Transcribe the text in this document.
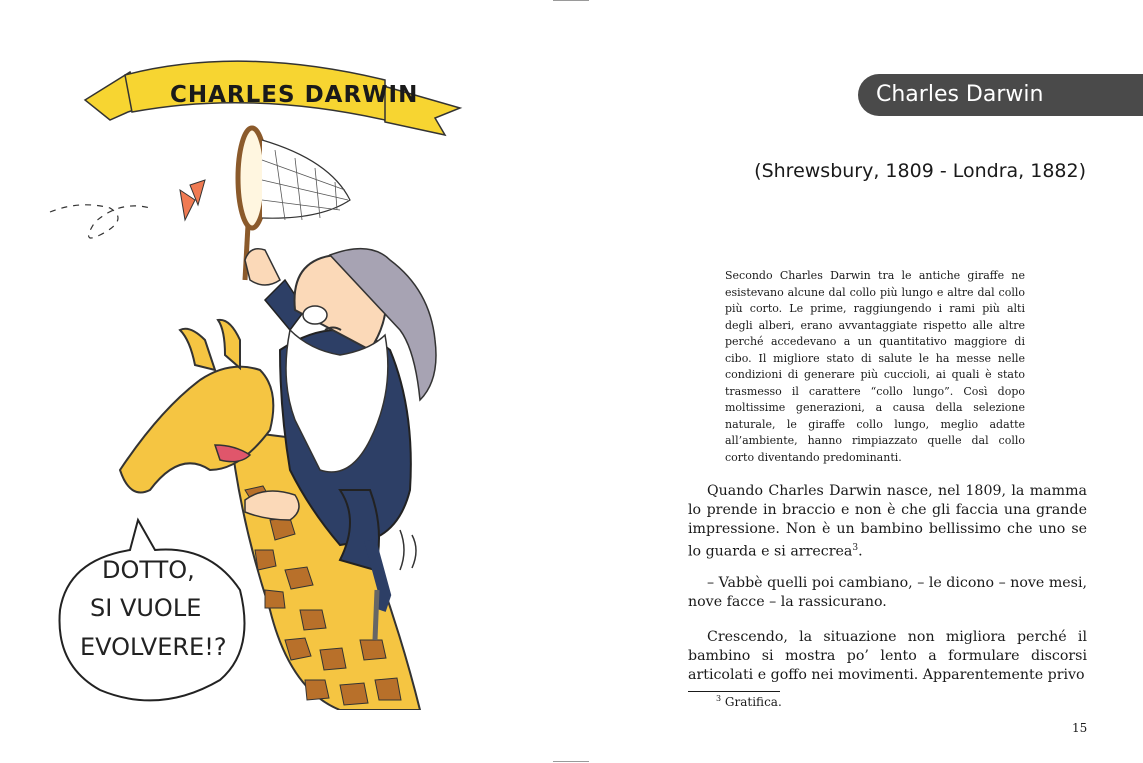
CHARLES DARWIN
DOTTO,
SI VUOLE
EVOLVERE!?
Charles Darwin
(Shrewsbury, 1809 - Londra, 1882)
Secondo Charles Darwin tra le antiche giraffe ne esistevano alcune dal collo più lungo e altre dal collo più corto. Le prime, raggiungendo i rami più alti degli alberi, erano avvantaggiate rispetto alle altre perché accedevano a un quantitativo maggiore di cibo. Il migliore stato di salute le ha messe nelle condizioni di generare più cuccioli, ai quali è stato trasmesso il carattere “collo lungo”. Così dopo moltissime generazioni, a causa della selezione naturale, le giraffe collo lungo, meglio adatte all’ambiente, hanno rimpiazzato quelle dal collo corto diventando predominanti.
Quando Charles Darwin nasce, nel 1809, la mamma lo prende in braccio e non è che gli faccia una grande impressione. Non è un bambino bellissimo che uno se lo guarda e si arrecrea$^3$.
– Vabbè quelli poi cambiano, – le dicono – nove mesi, nove facce – la rassicurano.
Crescendo, la situazione non migliora perché il bambino si mostra po’ lento a formulare discorsi articolati e goffo nei movimenti. Apparentemente privo
$^3$ Gratifica.
15
